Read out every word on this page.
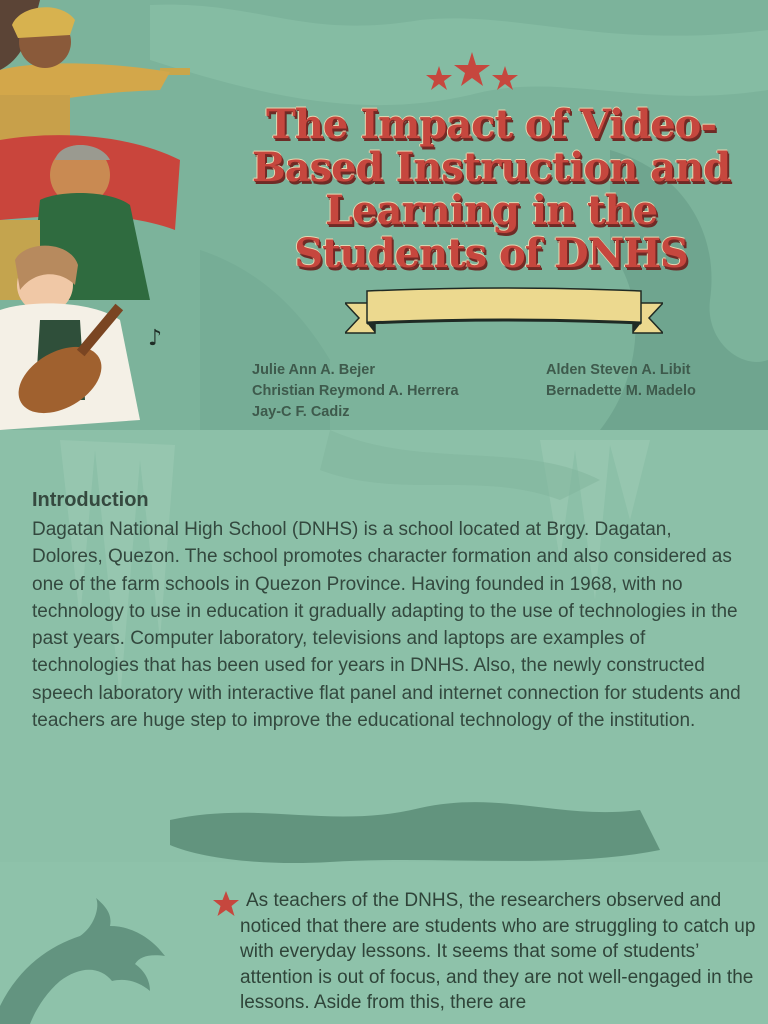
♪
The Impact of Video-Based Instruction and Learning in the Students of DNHS
Julie Ann A. Bejer
Christian Reymond A. Herrera
Jay-C F. Cadiz
Alden Steven A. Libit
Bernadette M. Madelo
Introduction
Dagatan National High School (DNHS) is a school located at Brgy. Dagatan, Dolores, Quezon. The school promotes character formation and also considered as one of the farm schools in Quezon Province. Having founded in 1968, with no technology to use in education it gradually adapting to the use of technologies in the past years. Computer laboratory, televisions and laptops are examples of technologies that has been used for years in DNHS. Also, the newly constructed speech laboratory with interactive flat panel and internet connection for students and teachers are huge step to improve the educational technology of the institution.
As teachers of the DNHS, the researchers observed and noticed that there are students who are struggling to catch up with everyday lessons. It seems that some of students’ attention is out of focus, and they are not well-engaged in the lessons. Aside from this, there are
